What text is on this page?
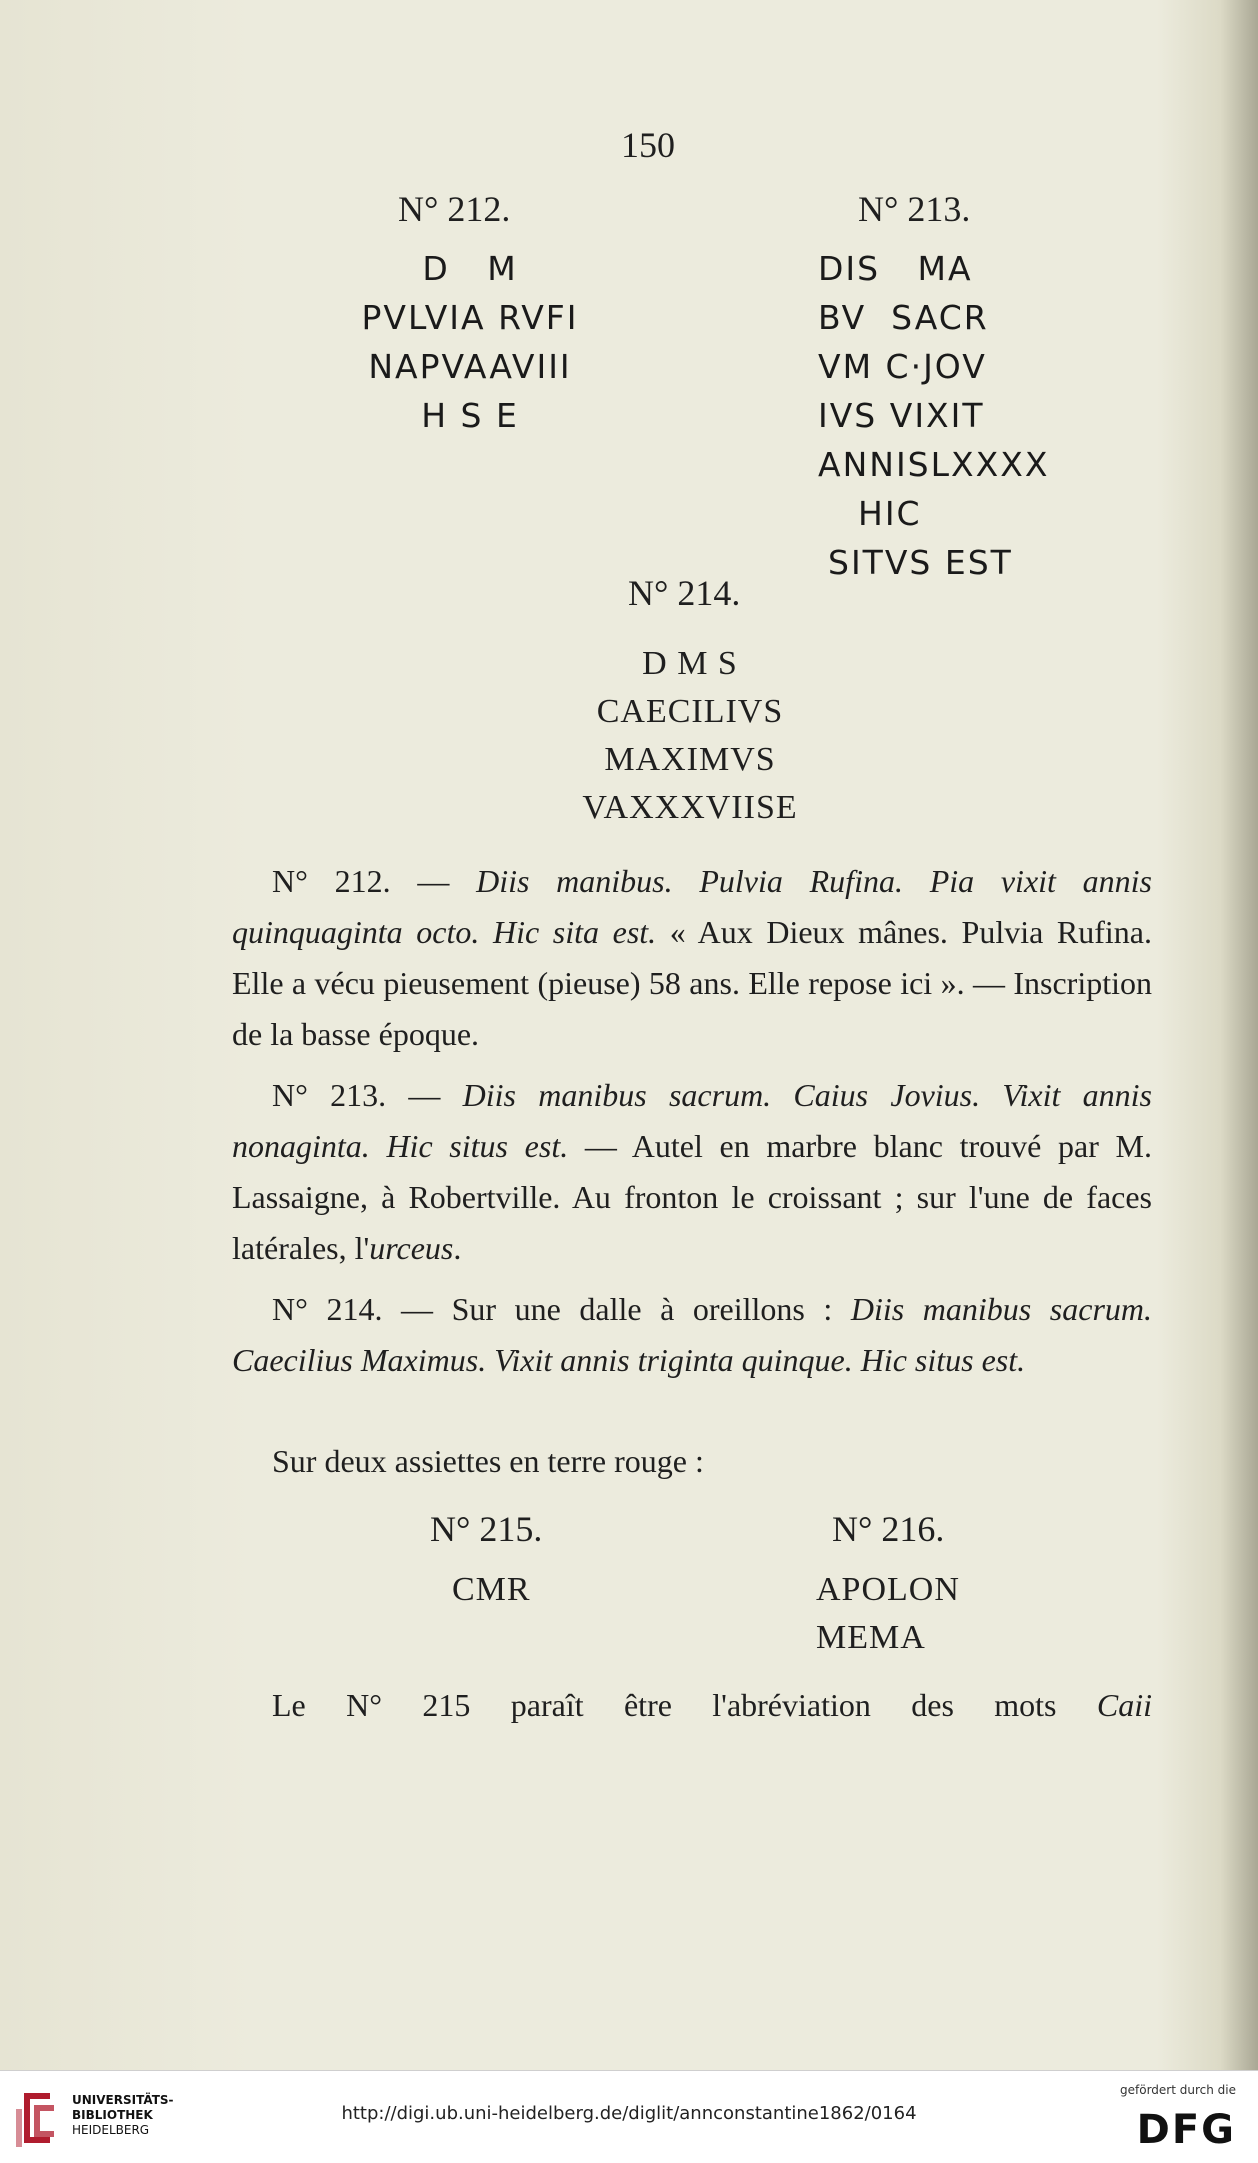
150
N° 212.
D   M
PVLVIA RVFI
NAPVAAVIII
H S E
N° 213.
DIS   MA
BV  SACR
VM C·JOV
IVS VIXIT
ANNISLXXXX
HIC
SITVS EST
N° 214.
D M S
CAECILIVS
MAXIMVS
VAXXXVIISE
N° 212. — Diis manibus. Pulvia Rufina. Pia vixit annis quinquaginta octo. Hic sita est. « Aux Dieux mânes. Pulvia Rufina. Elle a vécu pieusement (pieuse) 58 ans. Elle repose ici ». — Inscription de la basse époque.
N° 213. — Diis manibus sacrum. Caius Jovius. Vixit annis nonaginta. Hic situs est. — Autel en marbre blanc trouvé par M. Lassaigne, à Robertville. Au fronton le croissant ; sur l'une de faces latérales, l'urceus.
N° 214. — Sur une dalle à oreillons : Diis manibus sacrum. Caecilius Maximus. Vixit annis triginta quinque. Hic situs est.
Sur deux assiettes en terre rouge :
N° 215.
CMR
N° 216.
APOLON
MEMA
Le N° 215 paraît être l'abréviation des mots Caii
UNIVERSITÄTS-
BIBLIOTHEK
HEIDELBERG
http://digi.ub.uni-heidelberg.de/diglit/annconstantine1862/0164
gefördert durch die
DFG
